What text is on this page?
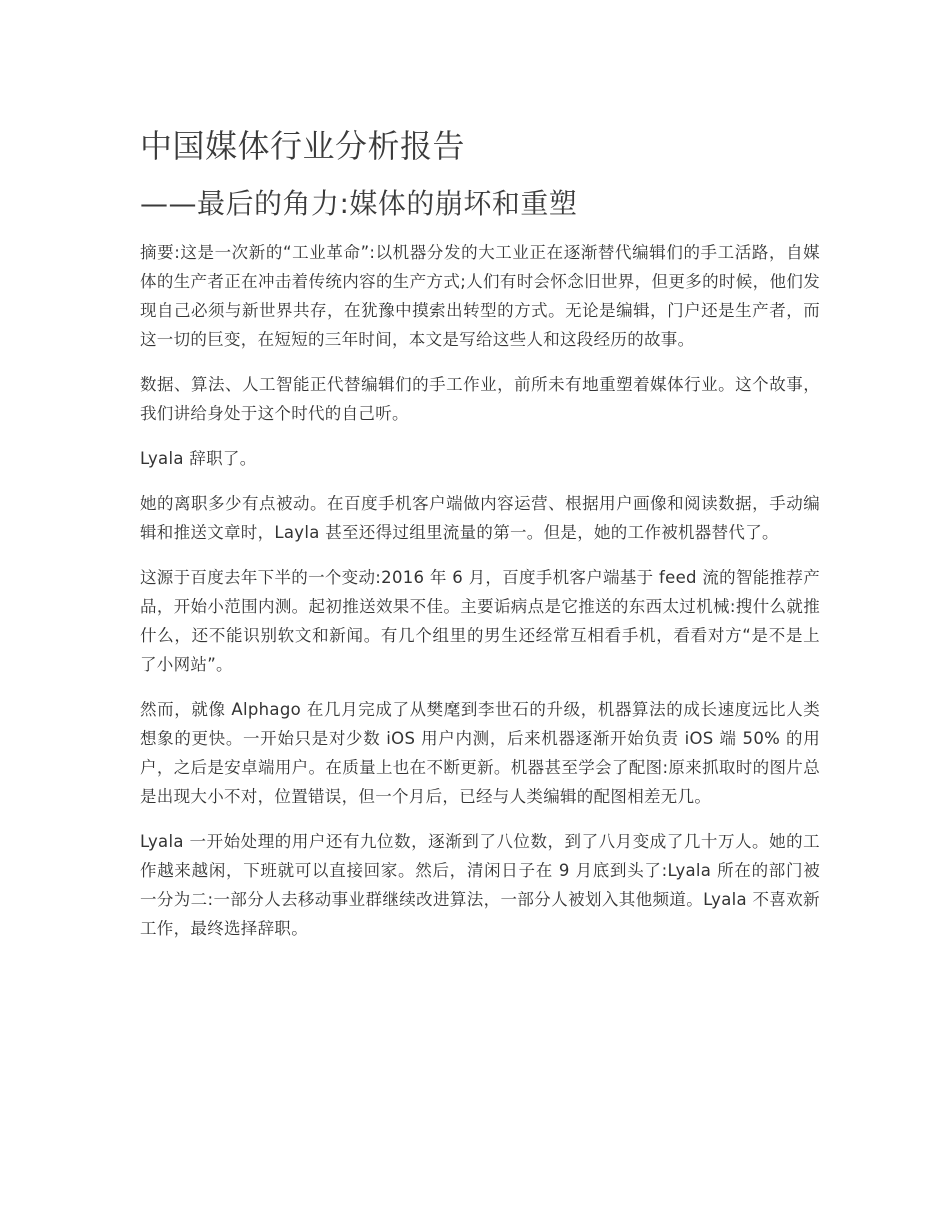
中国媒体行业分析报告
——最后的角力:媒体的崩坏和重塑

摘要:这是一次新的“工业革命”:以机器分发的大工业正在逐渐替代编辑们的手工活路，自媒体的生产者正在冲击着传统内容的生产方式;人们有时会怀念旧世界，但更多的时候，他们发现自己必须与新世界共存，在犹豫中摸索出转型的方式。无论是编辑，门户还是生产者，而这一切的巨变，在短短的三年时间，本文是写给这些人和这段经历的故事。

数据、算法、人工智能正代替编辑们的手工作业，前所未有地重塑着媒体行业。这个故事，我们讲给身处于这个时代的自己听。

Lyala 辞职了。

她的离职多少有点被动。在百度手机客户端做内容运营、根据用户画像和阅读数据，手动编辑和推送文章时，Layla 甚至还得过组里流量的第一。但是，她的工作被机器替代了。

这源于百度去年下半的一个变动:2016 年 6 月，百度手机客户端基于 feed 流的智能推荐产品，开始小范围内测。起初推送效果不佳。主要诟病点是它推送的东西太过机械:搜什么就推什么，还不能识别软文和新闻。有几个组里的男生还经常互相看手机，看看对方“是不是上了小网站”。

然而，就像 Alphago 在几月完成了从樊麾到李世石的升级，机器算法的成长速度远比人类想象的更快。一开始只是对少数 iOS 用户内测，后来机器逐渐开始负责 iOS 端 50% 的用户，之后是安卓端用户。在质量上也在不断更新。机器甚至学会了配图:原来抓取时的图片总是出现大小不对，位置错误，但一个月后，已经与人类编辑的配图相差无几。

Lyala 一开始处理的用户还有九位数，逐渐到了八位数，到了八月变成了几十万人。她的工作越来越闲，下班就可以直接回家。然后，清闲日子在 9 月底到头了:Lyala 所在的部门被一分为二:一部分人去移动事业群继续改进算法，一部分人被划入其他频道。Lyala 不喜欢新工作，最终选择辞职。
